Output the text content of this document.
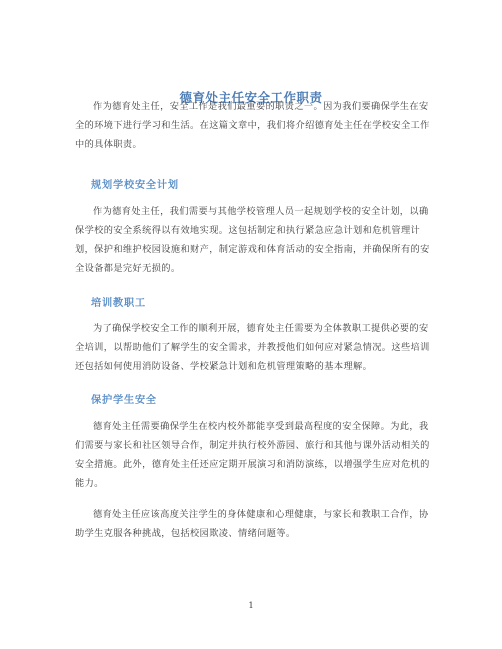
德育处主任安全工作职责

作为德育处主任，安全工作是我们最重要的职责之一。因为我们要确保学生在安全的环境下进行学习和生活。在这篇文章中，我们将介绍德育处主任在学校安全工作中的具体职责。

规划学校安全计划

作为德育处主任，我们需要与其他学校管理人员一起规划学校的安全计划，以确保学校的安全系统得以有效地实现。这包括制定和执行紧急应急计划和危机管理计划，保护和维护校园设施和财产，制定游戏和体育活动的安全指南，并确保所有的安全设备都是完好无损的。

培训教职工

为了确保学校安全工作的顺利开展，德育处主任需要为全体教职工提供必要的安全培训，以帮助他们了解学生的安全需求，并教授他们如何应对紧急情况。这些培训还包括如何使用消防设备、学校紧急计划和危机管理策略的基本理解。

保护学生安全

德育处主任需要确保学生在校内校外都能享受到最高程度的安全保障。为此，我们需要与家长和社区领导合作，制定并执行校外游园、旅行和其他与课外活动相关的安全措施。此外，德育处主任还应定期开展演习和消防演练，以增强学生应对危机的能力。

德育处主任应该高度关注学生的身体健康和心理健康，与家长和教职工合作，协助学生克服各种挑战，包括校园欺凌、情绪问题等。

1
